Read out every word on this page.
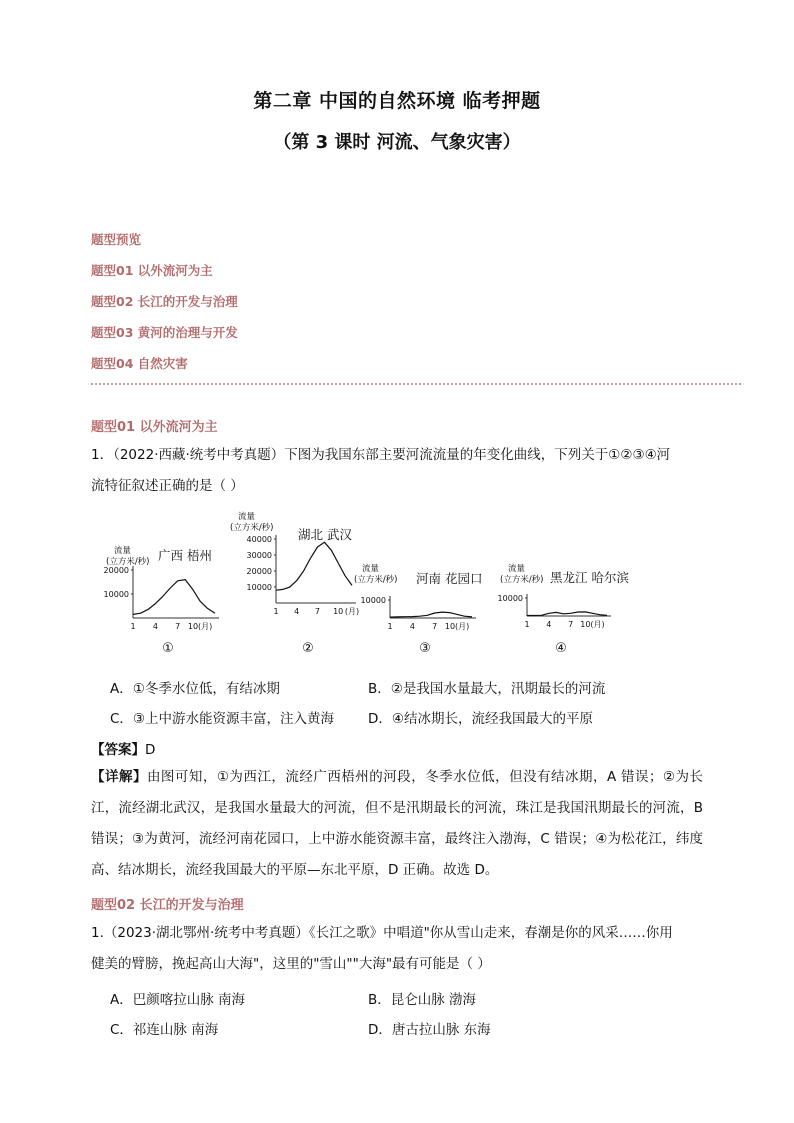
第二章 中国的自然环境 临考押题
（第 3 课时 河流、气象灾害）
题型预览
题型01 以外流河为主
题型02 长江的开发与治理
题型03 黄河的治理与开发
题型04 自然灾害
题型01 以外流河为主
1．（2022·西藏·统考中考真题）下图为我国东部主要河流流量的年变化曲线，下列关于①②③④河
流特征叙述正确的是（ ）
广西 梧州
流量
(立方米/秒)
20000
10000
1 4 7 10(月)
①
湖北 武汉
流量
(立方米/秒)
40000
30000
20000
10000
1 4 7 10 (月)
②
河南 花园口
流量
(立方米/秒)
10000
1 4 7 10(月)
③
黑龙江 哈尔滨
流量
(立方米/秒)
10000
1 4 7 10(月)
④
A．①冬季水位低，有结冰期	B．②是我国水量最大，汛期最长的河流
C．③上中游水能资源丰富，注入黄海	D．④结冰期长，流经我国最大的平原
【答案】D
【详解】由图可知，①为西江，流经广西梧州的河段，冬季水位低，但没有结冰期，A 错误；②为长江，流经湖北武汉，是我国水量最大的河流，但不是汛期最长的河流，珠江是我国汛期最长的河流，B 错误；③为黄河，流经河南花园口，上中游水能资源丰富，最终注入渤海，C 错误；④为松花江，纬度高、结冰期长，流经我国最大的平原—东北平原，D 正确。故选 D。
题型02 长江的开发与治理
1.（2023·湖北鄂州·统考中考真题）《长江之歌》中唱道"你从雪山走来，春潮是你的风采……你用
健美的臂膀，挽起高山大海"，这里的"雪山""大海"最有可能是（ ）
A．巴颜喀拉山脉 南海	B．昆仑山脉 渤海
C．祁连山脉 南海	D．唐古拉山脉 东海
